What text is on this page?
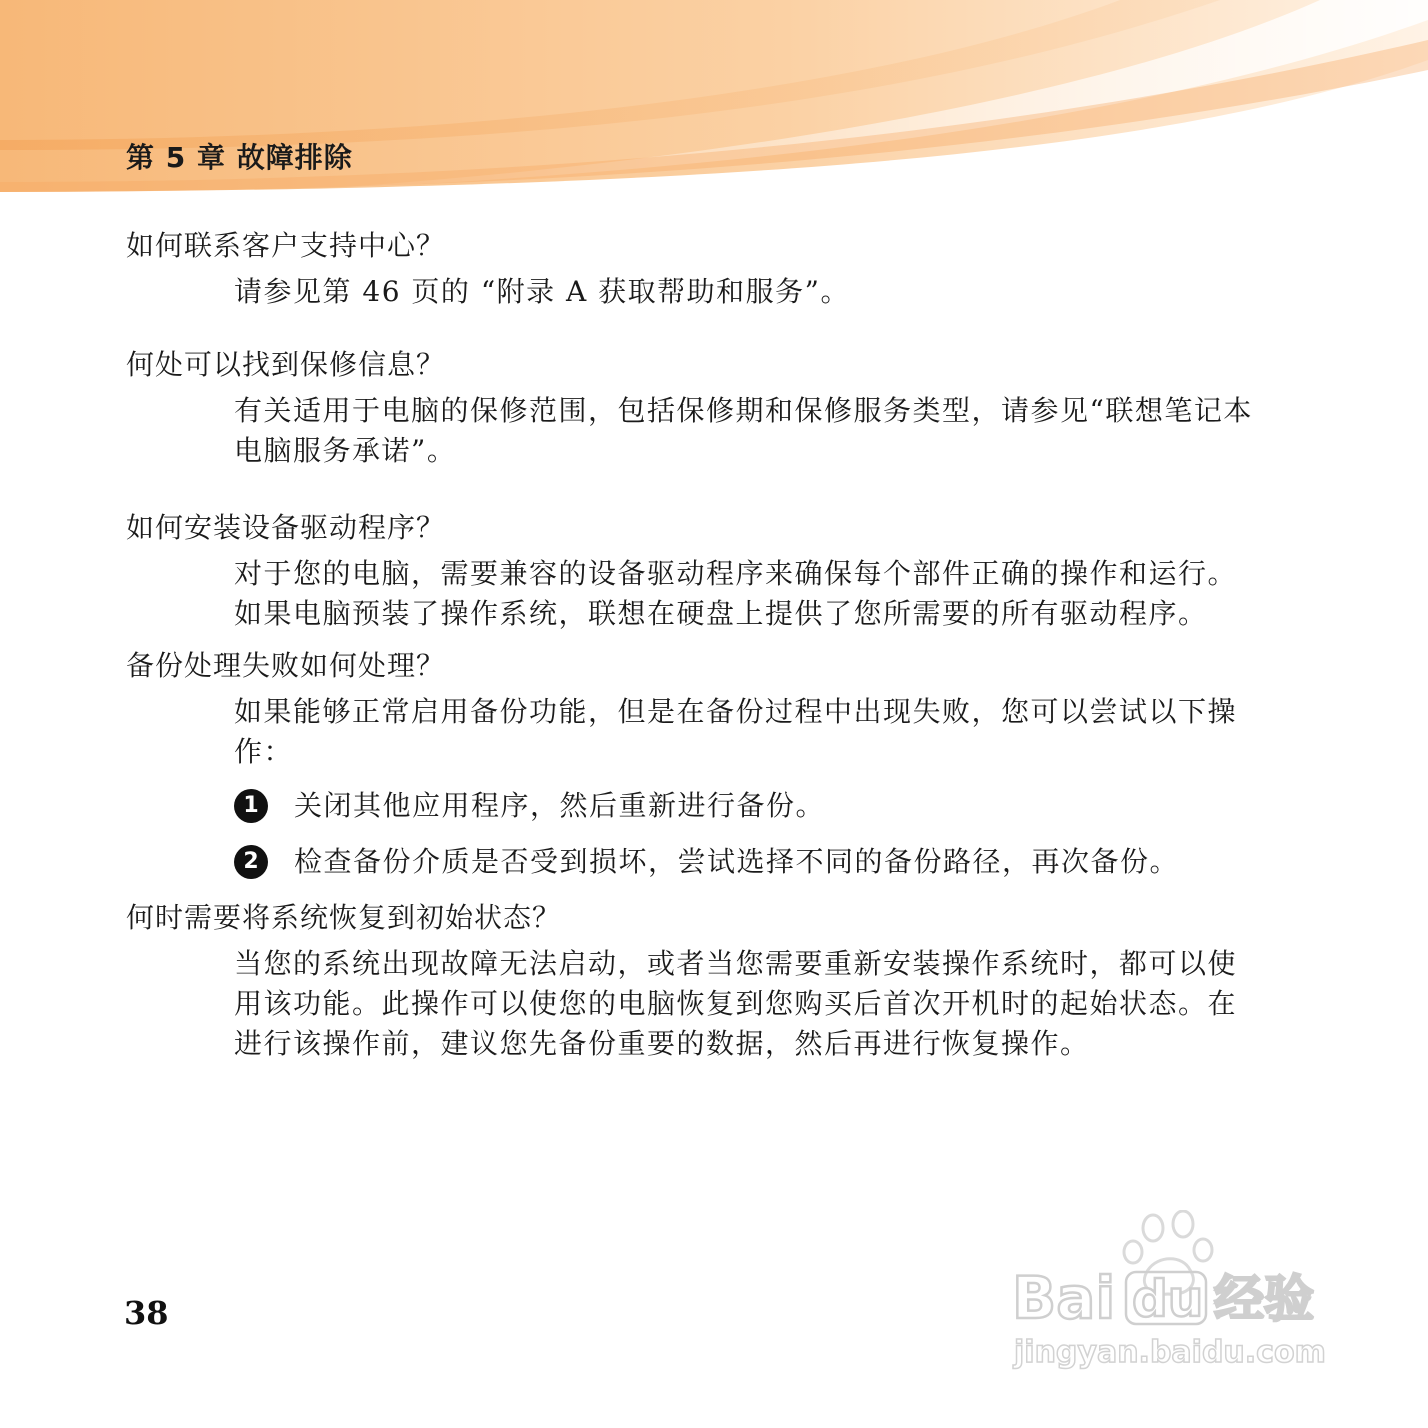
第 5 章 故障排除
如何联系客户支持中心？

请参见第 46 页的 “附录 A 获取帮助和服务”。

何处可以找到保修信息？

有关适用于电脑的保修范围，包括保修期和保修服务类型，请参见“联想笔记本电脑服务承诺”。

如何安装设备驱动程序？

对于您的电脑，需要兼容的设备驱动程序来确保每个部件正确的操作和运行。如果电脑预装了操作系统，联想在硬盘上提供了您所需要的所有驱动程序。

备份处理失败如何处理？

如果能够正常启用备份功能，但是在备份过程中出现失败，您可以尝试以下操作：

1	关闭其他应用程序，然后重新进行备份。
2	检查备份介质是否受到损坏，尝试选择不同的备份路径，再次备份。
何时需要将系统恢复到初始状态？

当您的系统出现故障无法启动，或者当您需要重新安装操作系统时，都可以使用该功能。此操作可以使您的电脑恢复到您购买后首次开机时的起始状态。在进行该操作前，建议您先备份重要的数据，然后再进行恢复操作。

38	Bai du 经验
jingyan.baidu.com
